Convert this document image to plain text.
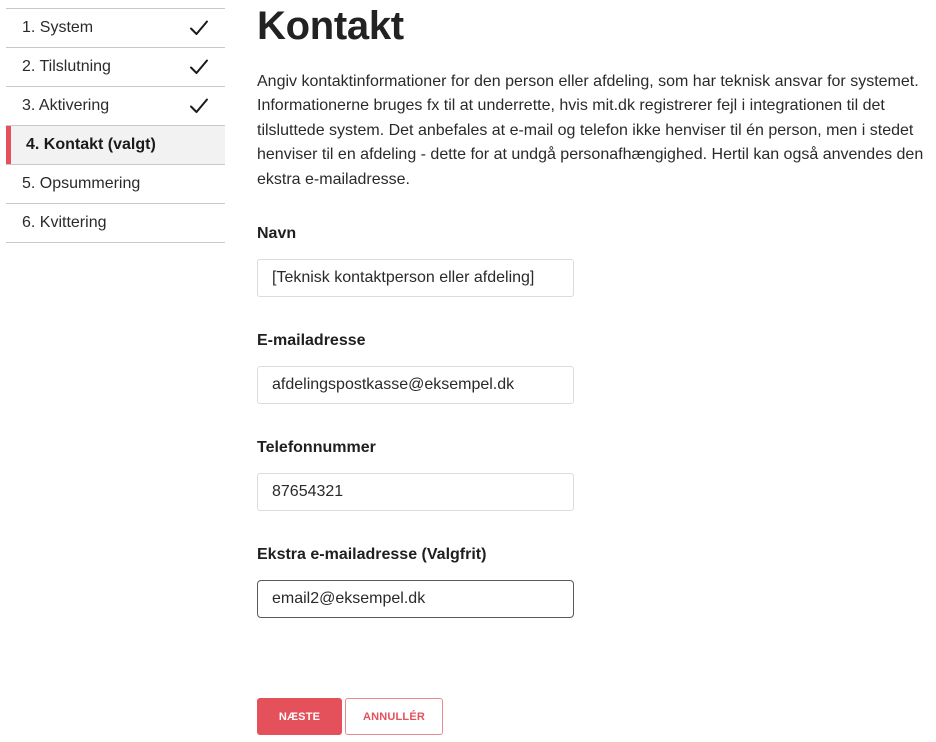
1. System
2. Tilslutning
3. Aktivering
4. Kontakt (valgt)
5. Opsummering
6. Kvittering
Kontakt

Angiv kontaktinformationer for den person eller afdeling, som har teknisk ansvar for systemet. Informationerne bruges fx til at underrette, hvis mit.dk registrerer fejl i integrationen til det tilsluttede system. Det anbefales at e-mail og telefon ikke henviser til én person, men i stedet henviser til en afdeling - dette for at undgå personafhængighed. Hertil kan også anvendes den ekstra e-mailadresse.

Navn
[Teknisk kontaktperson eller afdeling]
E-mailadresse
afdelingspostkasse@eksempel.dk
Telefonnummer
87654321
Ekstra e-mailadresse (Valgfrit)
email2@eksempel.dk
NÆSTE	ANNULLÉR
